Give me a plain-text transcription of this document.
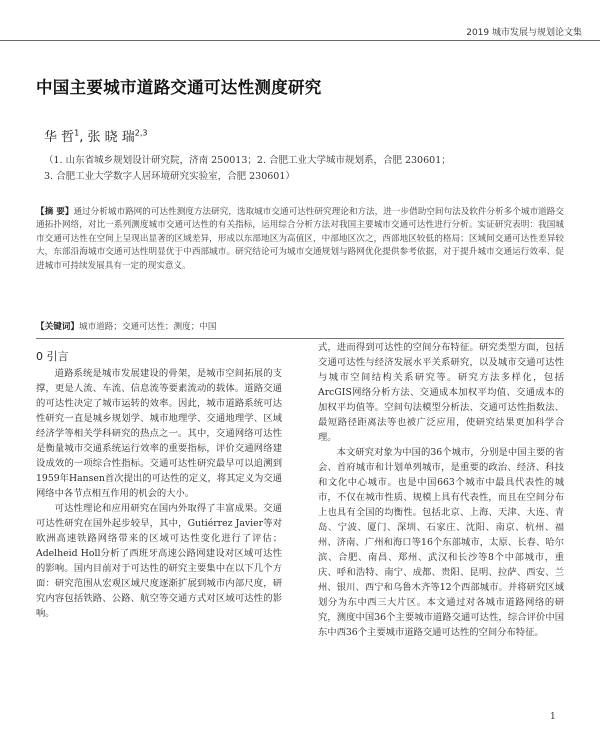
2019 城市发展与规划论文集
中国主要城市道路交通可达性测度研究
华 哲$^1$, 张 晓 瑞$^{2,3}$
（1. 山东省城乡规划设计研究院，济南 250013；2. 合肥工业大学城市规划系，合肥 230601；
3. 合肥工业大学数字人居环境研究实验室，合肥 230601）
【摘 要】通过分析城市路网的可达性测度方法研究，选取城市交通可达性研究理论和方法，进一步借助空间句法及软件分析多个城市道路交通拓扑网络，对比一系列测度城市交通可达性的有关指标，运用综合分析方法对我国主要城市交通可达性进行分析。实证研究表明：我国城市交通可达性在空间上呈现出显著的区域差异，形成以东部地区为高值区，中部地区次之，西部地区较低的格局；区域间交通可达性差异较大，东部沿海城市交通可达性明显优于中西部城市。研究结论可为城市交通规划与路网优化提供参考依据，对于提升城市交通运行效率、促进城市可持续发展具有一定的现实意义。
【关键词】城市道路；交通可达性；测度；中国
0 引言

道路系统是城市发展建设的骨架，是城市空间拓展的支撑，更是人流、车流、信息流等要素流动的载体。道路交通的可达性决定了城市运转的效率。因此，城市道路系统可达性研究一直是城乡规划学、城市地理学、交通地理学、区域经济学等相关学科研究的热点之一。其中，交通网络可达性是衡量城市交通系统运行效率的重要指标，评价交通网络建设成效的一项综合性指标。交通可达性研究最早可以追溯到1959年Hansen首次提出的可达性的定义，将其定义为交通网络中各节点相互作用的机会的大小。

可达性理论和应用研究在国内外取得了丰富成果。交通可达性研究在国外起步较早，其中，Gutiérrez Javier等对欧洲高速铁路网络带来的区域可达性变化进行了评估；Adelheid Holl分析了西班牙高速公路网建设对区域可达性的影响。国内目前对于可达性的研究主要集中在以下几个方面：研究范围从宏观区域尺度逐渐扩展到城市内部尺度，研究内容包括铁路、公路、航空等交通方式对区域可达性的影响。

式，进而得到可达性的空间分布特征。研究类型方面，包括交通可达性与经济发展水平关系研究，以及城市交通可达性与城市空间结构关系研究等。研究方法多样化，包括ArcGIS网络分析方法、交通成本加权平均值、交通成本的加权平均值等。空间句法模型分析法、交通可达性指数法、最短路径距离法等也被广泛应用，使研究结果更加科学合理。

本文研究对象为中国的36个城市，分别是中国主要的省会、首府城市和计划单列城市，是重要的政治、经济、科技和文化中心城市。也是中国663个城市中最具代表性的城市，不仅在城市性质、规模上具有代表性，而且在空间分布上也具有全国的均衡性。包括北京、上海、天津、大连、青岛、宁波、厦门、深圳、石家庄、沈阳、南京、杭州、福州、济南、广州和海口等16个东部城市，太原、长春、哈尔滨、合肥、南昌、郑州、武汉和长沙等8个中部城市，重庆、呼和浩特、南宁、成都、贵阳、昆明、拉萨、西安、兰州、银川、西宁和乌鲁木齐等12个西部城市。并将研究区域划分为东中西三大片区。本文通过对各城市道路网络的研究，测度中国36个主要城市道路交通可达性，综合评价中国东中西36个主要城市道路交通可达性的空间分布特征。

1
